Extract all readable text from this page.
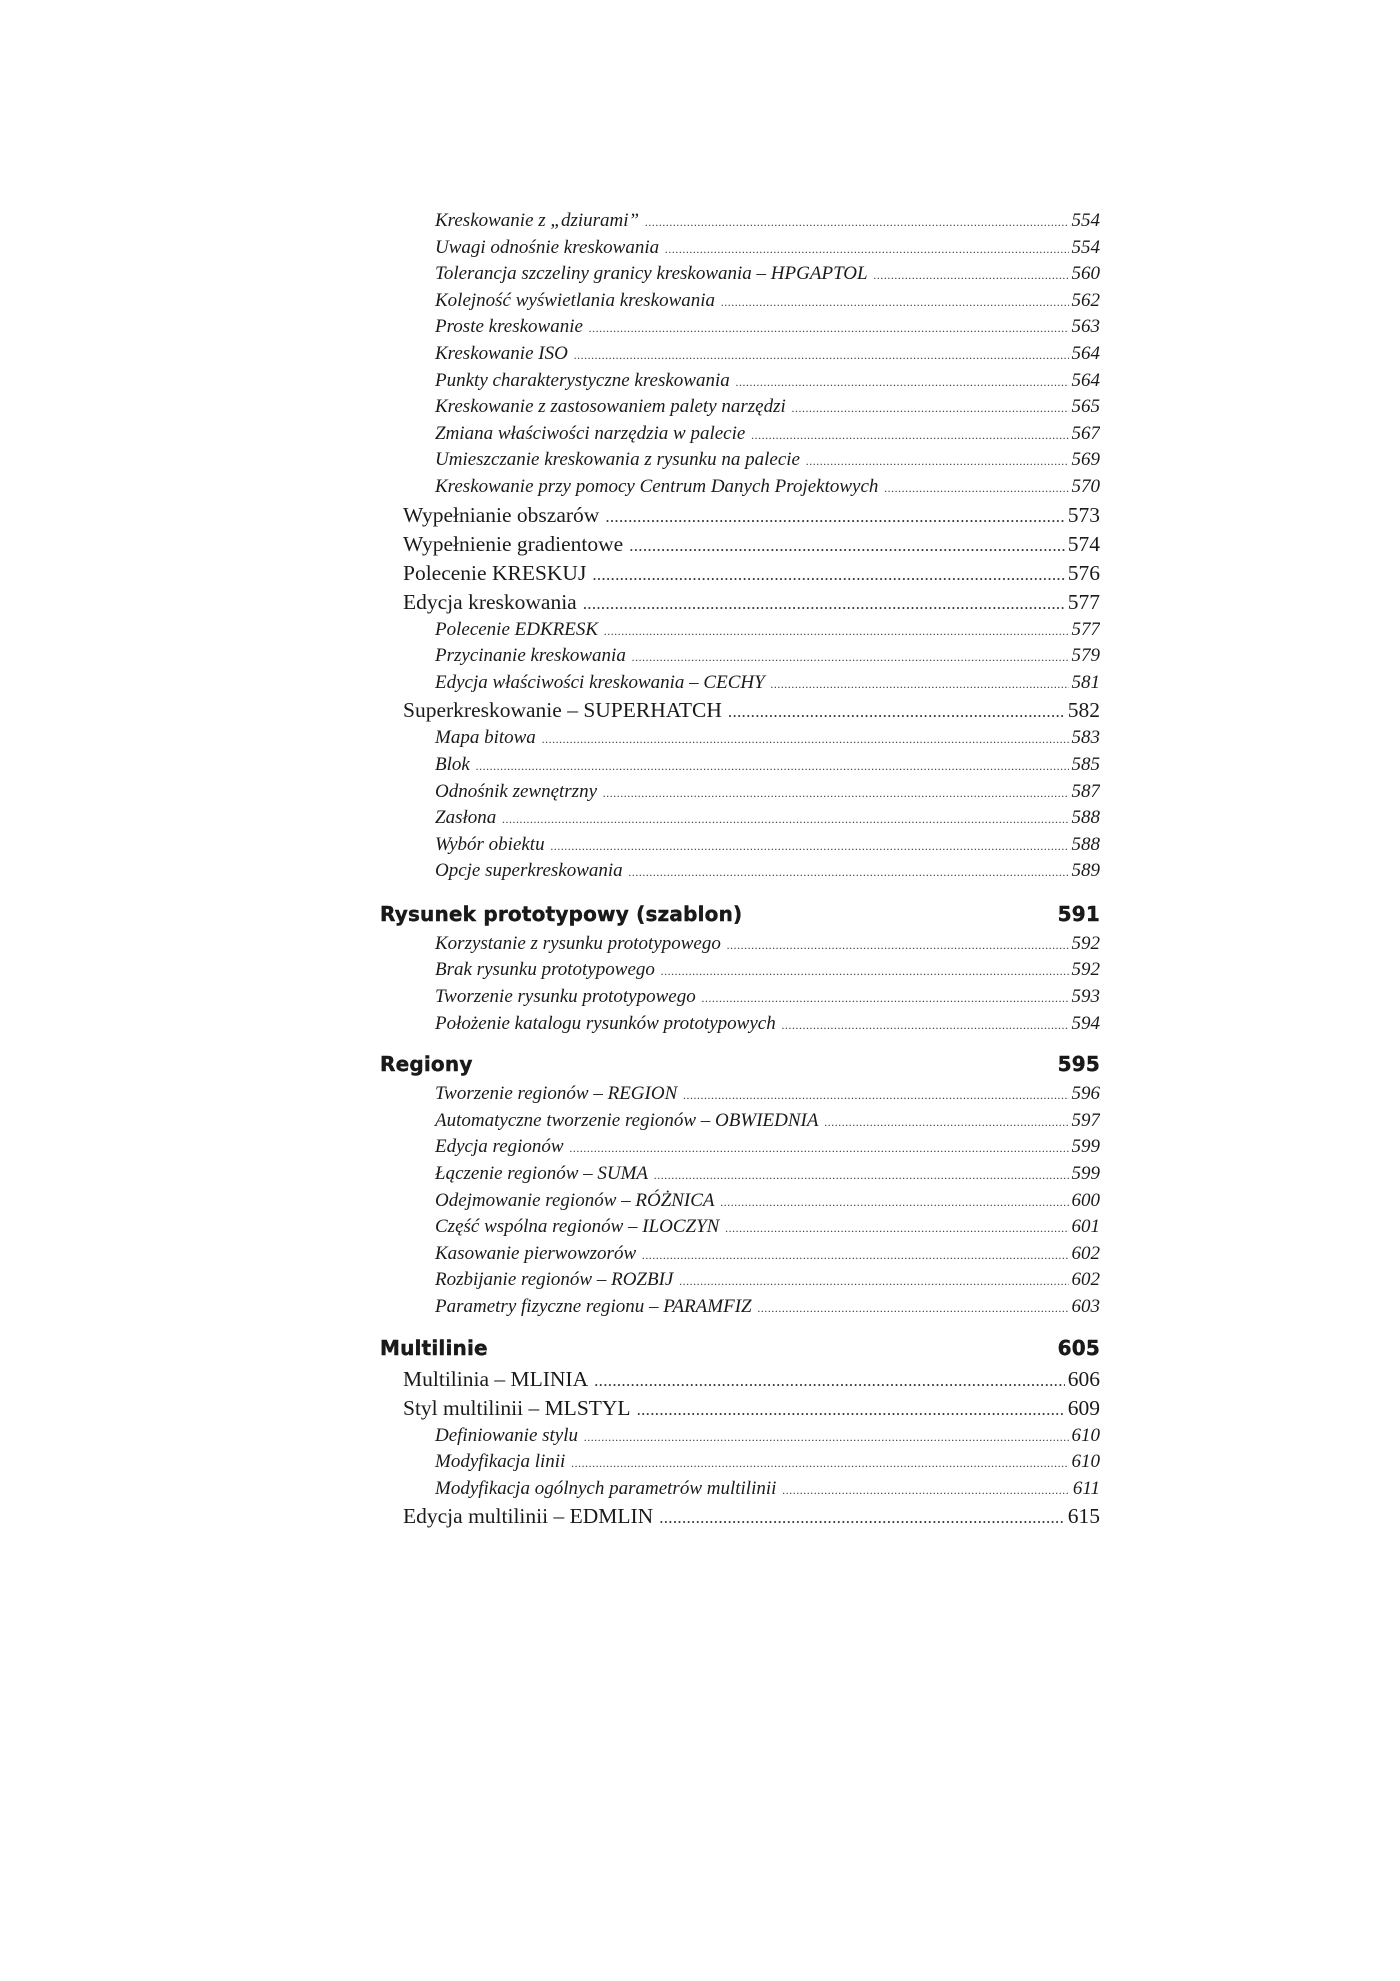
Kreskowanie z „dziurami” .....	554
Uwagi odnośnie kreskowania .....	554
Tolerancja szczeliny granicy kreskowania – HPGAPTOL .....	560
Kolejność wyświetlania kreskowania .....	562
Proste kreskowanie .....	563
Kreskowanie ISO .....	564
Punkty charakterystyczne kreskowania .....	564
Kreskowanie z zastosowaniem palety narzędzi .....	565
Zmiana właściwości narzędzia w palecie .....	567
Umieszczanie kreskowania z rysunku na palecie .....	569
Kreskowanie przy pomocy Centrum Danych Projektowych .....	570
Wypełnianie obszarów .....	573
Wypełnienie gradientowe .....	574
Polecenie KRESKUJ .....	576
Edycja kreskowania .....	577
Polecenie EDKRESK .....	577
Przycinanie kreskowania .....	579
Edycja właściwości kreskowania – CECHY .....	581
Superkreskowanie – SUPERHATCH .....	582
Mapa bitowa .....	583
Blok .....	585
Odnośnik zewnętrzny .....	587
Zasłona .....	588
Wybór obiektu .....	588
Opcje superkreskowania .....	589
Rysunek prototypowy (szablon)	591
Korzystanie z rysunku prototypowego .....	592
Brak rysunku prototypowego .....	592
Tworzenie rysunku prototypowego .....	593
Położenie katalogu rysunków prototypowych .....	594
Regiony	595
Tworzenie regionów – REGION .....	596
Automatyczne tworzenie regionów – OBWIEDNIA .....	597
Edycja regionów .....	599
Łączenie regionów – SUMA .....	599
Odejmowanie regionów – RÓŻNICA .....	600
Część wspólna regionów – ILOCZYN .....	601
Kasowanie pierwowzorów .....	602
Rozbijanie regionów – ROZBIJ .....	602
Parametry fizyczne regionu – PARAMFIZ .....	603
Multilinie	605
Multilinia – MLINIA .....	606
Styl multilinii – MLSTYL .....	609
Definiowanie stylu .....	610
Modyfikacja linii .....	610
Modyfikacja ogólnych parametrów multilinii .....	611
Edycja multilinii – EDMLIN .....	615
